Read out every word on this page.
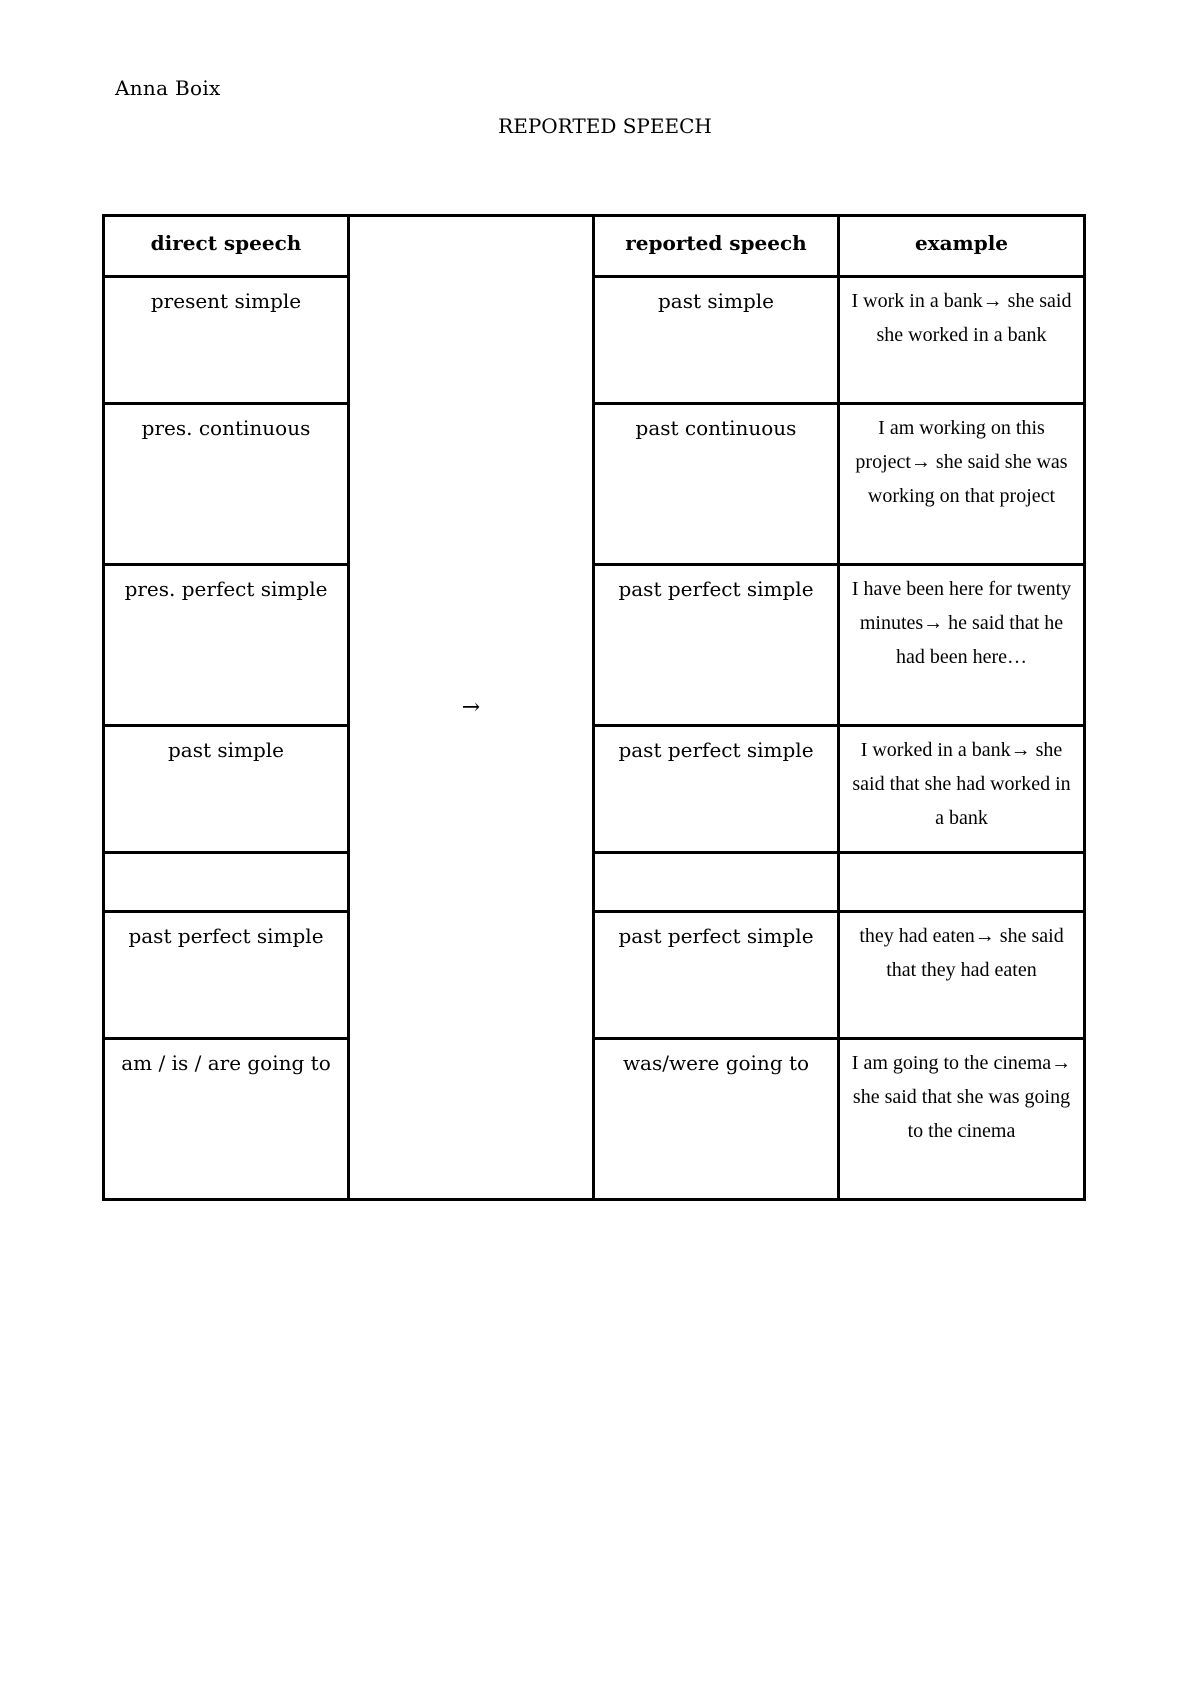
Anna Boix
REPORTED SPEECH
direct speech	→	reported speech	example
present simple		past simple	I work in a bank→ she said she worked in a bank
pres. continuous		past continuous	I am working on this project→ she said she was working on that project
pres. perfect simple		past perfect simple	I have been here for twenty minutes→ he said that he had been here…
past simple		past perfect simple	I worked in a bank→ she said that she had worked in a bank

past perfect simple		past perfect simple	they had eaten→ she said that they had eaten
am / is / are going to		was/were going to	I am going to the cinema→ she said that she was going to the cinema
